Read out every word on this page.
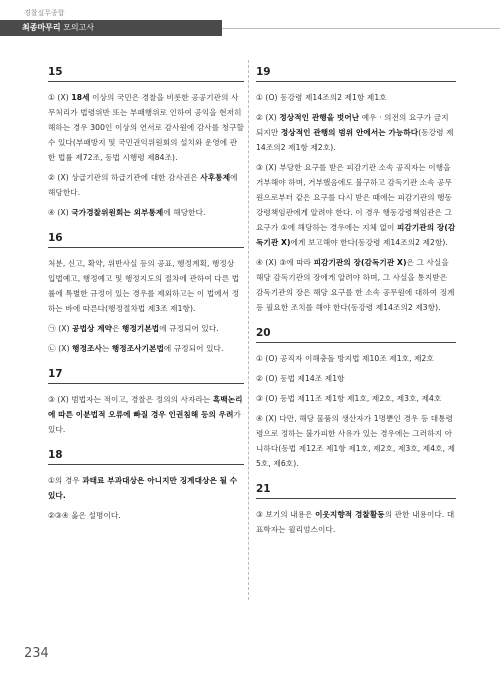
경찰실무종합
최종마무리 모의고사
15
① (X) 18세 이상의 국민은 경찰을 비롯한 공공기관의 사무처리가 법령위반 또는 부패행위로 인하여 공익을 현저히 해하는 경우 300인 이상의 연서로 감사원에 감사를 청구할 수 있다(부패방지 및 국민권익위원회의 설치와 운영에 관한 법률 제72조, 동법 시행령 제84조).
② (X) 상급기관의 하급기관에 대한 감사권은 사후통제에 해당한다.
④ (X) 국가경찰위원회는 외부통제에 해당한다.
16
처분, 신고, 확약, 위반사실 등의 공표, 행정계획, 행정상 입법예고, 행정예고 및 행정지도의 절차에 관하여 다른 법률에 특별한 규정이 있는 경우를 제외하고는 이 법에서 정하는 바에 따른다(행정절차법 제3조 제1항).
㉠ (X) 공법상 계약은 행정기본법에 규정되어 있다.
㉡ (X) 행정조사는 행정조사기본법에 규정되어 있다.
17
③ (X) 범법자는 적이고, 경찰은 정의의 사자라는 흑백논리에 따른 이분법적 오류에 빠질 경우 인권침해 등의 우려가 있다.
18
①의 경우 과태료 부과대상은 아니지만 징계대상은 될 수 있다.
②③④ 옳은 설명이다.
19
① (O) 동강령 제14조의2 제1항 제1호
② (X) 정상적인 관행을 벗어난 예우 · 의전의 요구가 금지되지만 정상적인 관행의 범위 안에서는 가능하다(동강령 제14조의2 제1항 제2호).
③ (X) 부당한 요구를 받은 피감기관 소속 공직자는 이행을 거부해야 하며, 거부했음에도 불구하고 감독기관 소속 공무원으로부터 같은 요구를 다시 받은 때에는 피감기관의 행동강령책임관에게 알려야 한다. 이 경우 행동강령책임관은 그 요구가 ①에 해당하는 경우에는 지체 없이 피감기관의 장(감독기관 X)에게 보고해야 한다(동강령 제14조의2 제2항).
④ (X) ③에 따라 피감기관의 장(감독기관 X)은 그 사실을 해당 감독기관의 장에게 알려야 하며, 그 사실을 통지받은 감독기관의 장은 해당 요구를 한 소속 공무원에 대하여 징계 등 필요한 조치를 해야 한다(동강령 제14조의2 제3항).
20
① (O) 공직자 이해충돌 방지법 제10조 제1호, 제2호
② (O) 동법 제14조 제1항
③ (O) 동법 제11조 제1항 제1호, 제2호, 제3호, 제4호
④ (X) 다만, 해당 물품의 생산자가 1명뿐인 경우 등 대통령령으로 정하는 불가피한 사유가 있는 경우에는 그러하지 아니하다(동법 제12조 제1항 제1호, 제2호, 제3호, 제4호, 제5호, 제6호).
21
③ 보기의 내용은 이웃지향적 경찰활동의 관한 내용이다. 대표학자는 윌리엄스이다.
234
